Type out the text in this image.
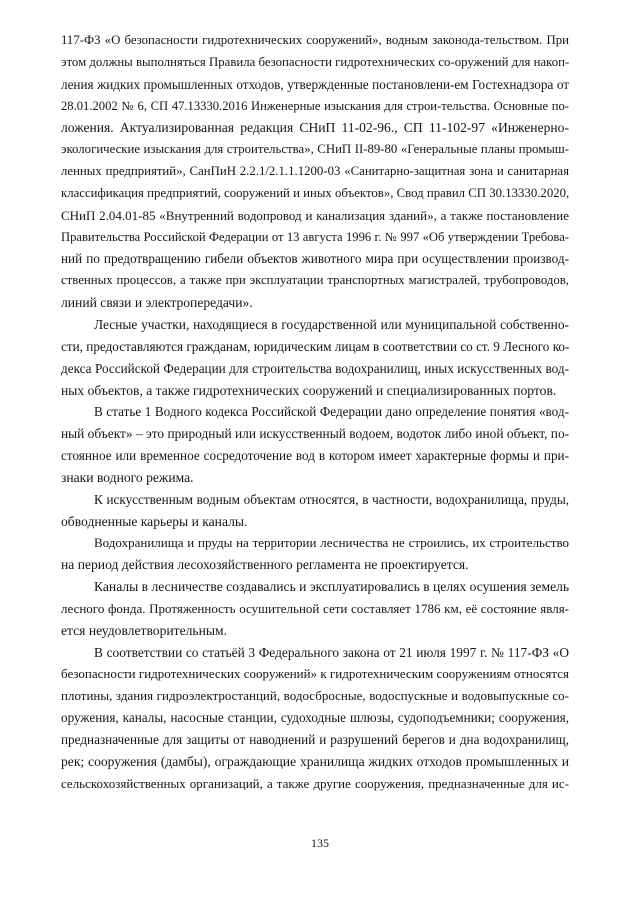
117-ФЗ «О безопасности гидротехнических сооружений», водным законода-тельством. При
этом должны выполняться Правила безопасности гидротехнических со-оружений для накоп-
ления жидких промышленных отходов, утвержденные постановлени-ем Гостехнадзора от
28.01.2002 № 6, СП 47.13330.2016 Инженерные изыскания для строи-тельства. Основные по-
ложения. Актуализированная редакция СНиП 11-02-96., СП 11-102-97 «Инженерно-
экологические изыскания для строительства», СНиП II-89-80 «Генеральные планы промыш-
ленных предприятий», СанПиН 2.2.1/2.1.1.1200-03 «Санитарно-защитная зона и санитарная
классификация предприятий, сооружений и иных объектов», Свод правил СП 30.13330.2020,
СНиП 2.04.01-85 «Внутренний водопровод и канализация зданий», а также постановление
Правительства Российской Федерации от 13 августа 1996 г. № 997 «Об утверждении Требова-
ний по предотвращению гибели объектов животного мира при осуществлении производ-
ственных процессов, а также при эксплуатации транспортных магистралей, трубопроводов,
линий связи и электропередачи».
Лесные участки, находящиеся в государственной или муниципальной собственно-
сти, предоставляются гражданам, юридическим лицам в соответствии со ст. 9 Лесного ко-
декса Российской Федерации для строительства водохранилищ, иных искусственных вод-
ных объектов, а также гидротехнических сооружений и специализированных портов.
В статье 1 Водного кодекса Российской Федерации дано определение понятия «вод-
ный объект» – это природный или искусственный водоем, водоток либо иной объект, по-
стоянное или временное сосредоточение вод в котором имеет характерные формы и при-
знаки водного режима.
К искусственным водным объектам относятся, в частности, водохранилища, пруды,
обводненные карьеры и каналы.
Водохранилища и пруды на территории лесничества не строились, их строительство
на период действия лесохозяйственного регламента не проектируется.
Каналы в лесничестве создавались и эксплуатировались в целях осушения земель
лесного фонда. Протяженность осушительной сети составляет 1786 км, её состояние явля-
ется неудовлетворительным.
В соответствии со статьёй 3 Федерального закона от 21 июля 1997 г. № 117-ФЗ «О
безопасности гидротехнических сооружений» к гидротехническим сооружениям относятся
плотины, здания гидроэлектростанций, водосбросные, водоспускные и водовыпускные со-
оружения, каналы, насосные станции, судоходные шлюзы, судоподъемники; сооружения,
предназначенные для защиты от наводнений и разрушений берегов и дна водохранилищ,
рек; сооружения (дамбы), ограждающие хранилища жидких отходов промышленных и
сельскохозяйственных организаций, а также другие сооружения, предназначенные для ис-
135
